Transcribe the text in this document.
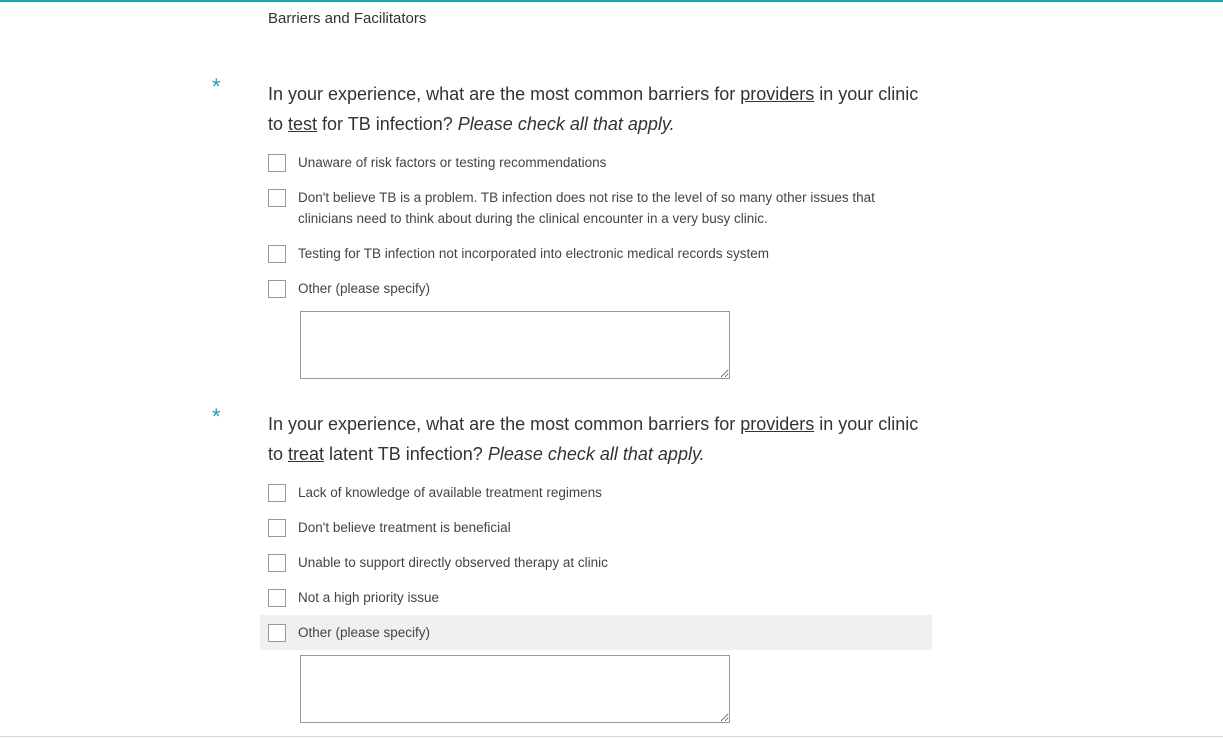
Barriers and Facilitators
*	In your experience, what are the most common barriers for providers in your clinic to test for TB infection? Please check all that apply.
Unaware of risk factors or testing recommendations
Don't believe TB is a problem. TB infection does not rise to the level of so many other issues that clinicians need to think about during the clinical encounter in a very busy clinic.
Testing for TB infection not incorporated into electronic medical records system
Other (please specify)
*	In your experience, what are the most common barriers for providers in your clinic to treat latent TB infection? Please check all that apply.
Lack of knowledge of available treatment regimens
Don't believe treatment is beneficial
Unable to support directly observed therapy at clinic
Not a high priority issue
Other (please specify)
